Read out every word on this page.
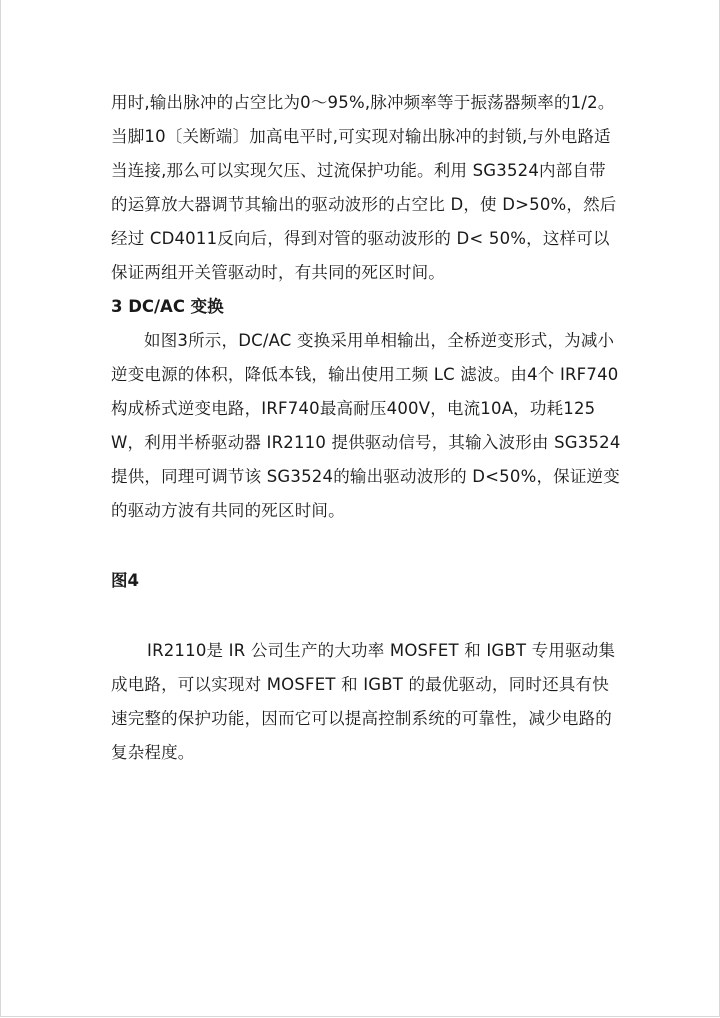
用时,输出脉冲的占空比为0～95%,脉冲频率等于振荡器频率的1/2。当脚10〔关断端〕加高电平时,可实现对输出脉冲的封锁,与外电路适当连接,那么可以实现欠压、过流保护功能。利用 SG3524内部自带的运算放大器调节其输出的驱动波形的占空比 D，使 D>50%，然后经过 CD4011反向后，得到对管的驱动波形的 D< 50%，这样可以保证两组开关管驱动时，有共同的死区时间。

3 DC/AC 变换

如图3所示，DC/AC 变换采用单相输出，全桥逆变形式，为减小逆变电源的体积，降低本钱，输出使用工频 LC 滤波。由4个 IRF740构成桥式逆变电路，IRF740最高耐压400V，电流10A，功耗125W，利用半桥驱动器 IR2110 提供驱动信号，其输入波形由 SG3524提供，同理可调节该 SG3524的输出驱动波形的 D<50%，保证逆变的驱动方波有共同的死区时间。

图4

IR2110是 IR 公司生产的大功率 MOSFET 和 IGBT 专用驱动集成电路，可以实现对 MOSFET 和 IGBT 的最优驱动，同时还具有快速完整的保护功能，因而它可以提高控制系统的可靠性，减少电路的复杂程度。
